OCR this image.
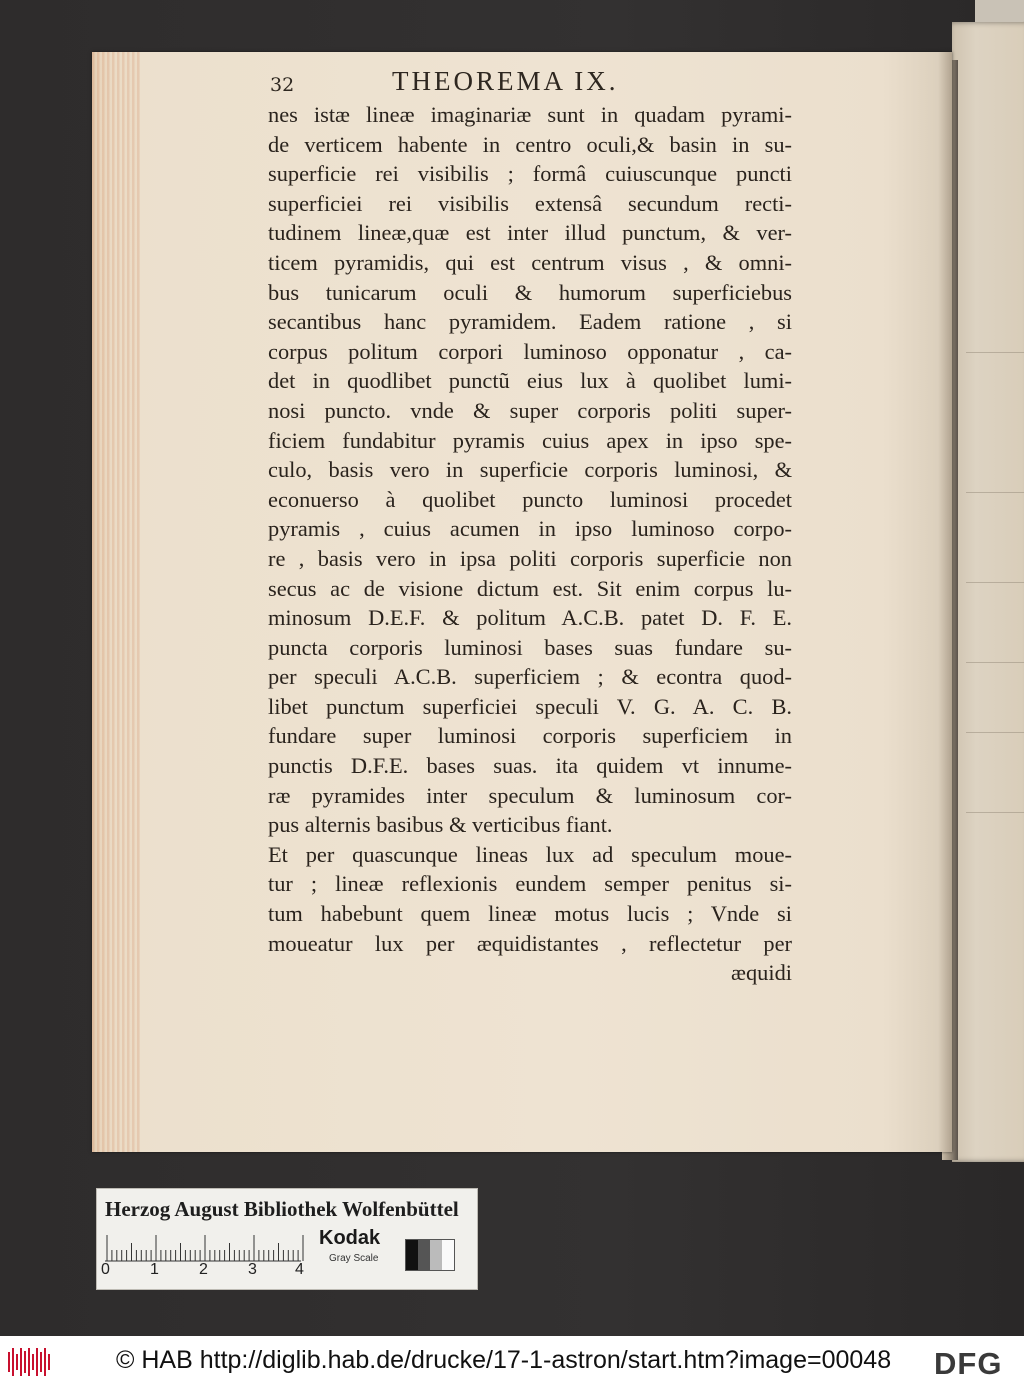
32	THEOREMA IX.
nes istæ lineæ imaginariæ sunt in quadam pyrami-
de verticem habente in centro oculi,& basin in su-
superficie rei visibilis ; formâ cuiuscunque puncti
superficiei rei visibilis extensâ secundum recti-
tudinem lineæ,quæ est inter illud punctum, & ver-
ticem pyramidis, qui est centrum visus , & omni-
bus tunicarum oculi & humorum superficiebus
secantibus hanc pyramidem. Eadem ratione , si
corpus politum corpori luminoso opponatur , ca-
det in quodlibet punctũ eius lux à quolibet lumi-
nosi puncto. vnde & super corporis politi super-
ficiem fundabitur pyramis cuius apex in ipso spe-
culo, basis vero in superficie corporis luminosi, &
econuerso à quolibet puncto luminosi procedet
pyramis , cuius acumen in ipso luminoso corpo-
re , basis vero in ipsa politi corporis superficie non
secus ac de visione dictum est. Sit enim corpus lu-
minosum D.E.F. & politum A.C.B. patet D. F. E.
puncta corporis luminosi bases suas fundare su-
per speculi A.C.B. superficiem ; & econtra quod-
libet punctum superficiei speculi V. G. A. C. B.
fundare super luminosi corporis superficiem in
punctis D.F.E. bases suas. ita quidem vt innume-
ræ pyramides inter speculum & luminosum cor-
pus alternis basibus & verticibus fiant.
Et per quascunque lineas lux ad speculum moue-
tur ; lineæ reflexionis eundem semper penitus si-
tum habebunt quem lineæ motus lucis ; Vnde si
moueatur lux per æquidistantes , reflectetur per
æquidi
Herzog August Bibliothek Wolfenbüttel
0	1	2	3 4
Kodak
Gray Scale
© HAB http://diglib.hab.de/drucke/17-1-astron/start.htm?image=00048 DFG
